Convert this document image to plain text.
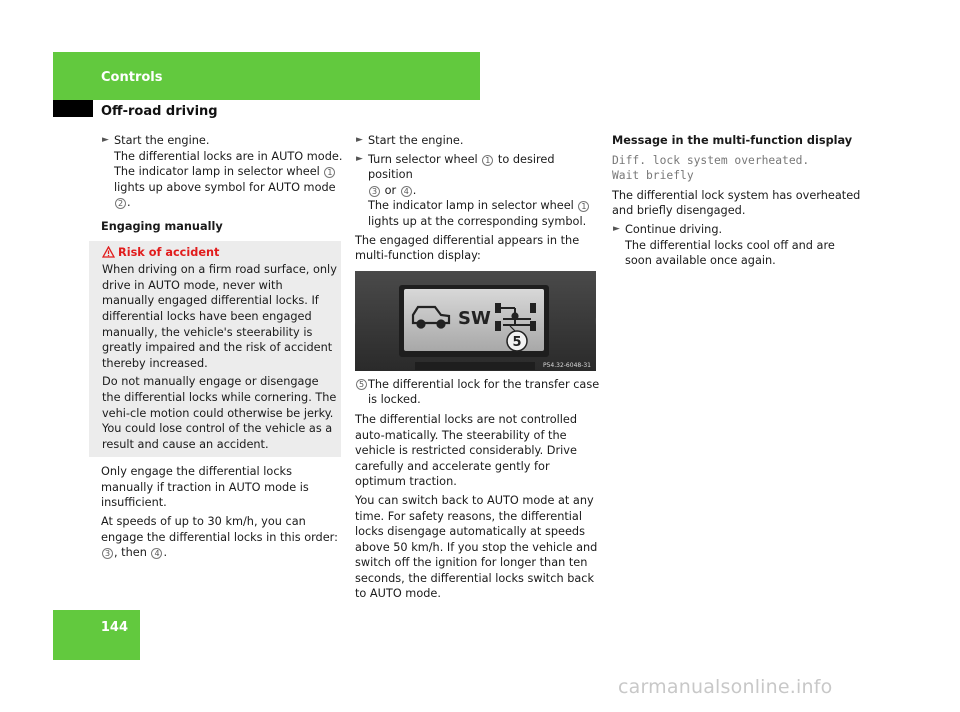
Controls
Off-road driving
► Start the engine.
The differential locks are in AUTO mode.
The indicator lamp in selector wheel 1
lights up above symbol for AUTO mode
2 .
Engaging manually
Risk of accident

When driving on a firm road surface, only drive in AUTO mode, never with manually engaged differential locks. If differential locks have been engaged manually, the vehicle's steerability is greatly impaired and the risk of accident thereby increased.

Do not manually engage or disengage the differential locks while cornering. The vehi-cle motion could otherwise be jerky. You could lose control of the vehicle as a result and cause an accident.

Only engage the differential locks manually if traction in AUTO mode is insufficient.

At speeds of up to 30 km/h, you can engage the differential locks in this order: 3 , then 4 .

► Start the engine.
► Turn selector wheel 1 to desired position
3 or 4 .
The indicator lamp in selector wheel 1
lights up at the corresponding symbol.

The engaged differential appears in the multi-function display:

SW
5
P54.32-6048-31
5 The differential lock for the transfer case is locked.

The differential locks are not controlled auto-matically. The steerability of the vehicle is restricted considerably. Drive carefully and accelerate gently for optimum traction.

You can switch back to AUTO mode at any time. For safety reasons, the differential locks disengage automatically at speeds above 50 km/h. If you stop the vehicle and switch off the ignition for longer than ten seconds, the differential locks switch back to AUTO mode.

Message in the multi-function display
Diff. lock system overheated.
Wait briefly

The differential lock system has overheated and briefly disengaged.

► Continue driving.
The differential locks cool off and are soon available once again.
144
carmanualsonline.info
